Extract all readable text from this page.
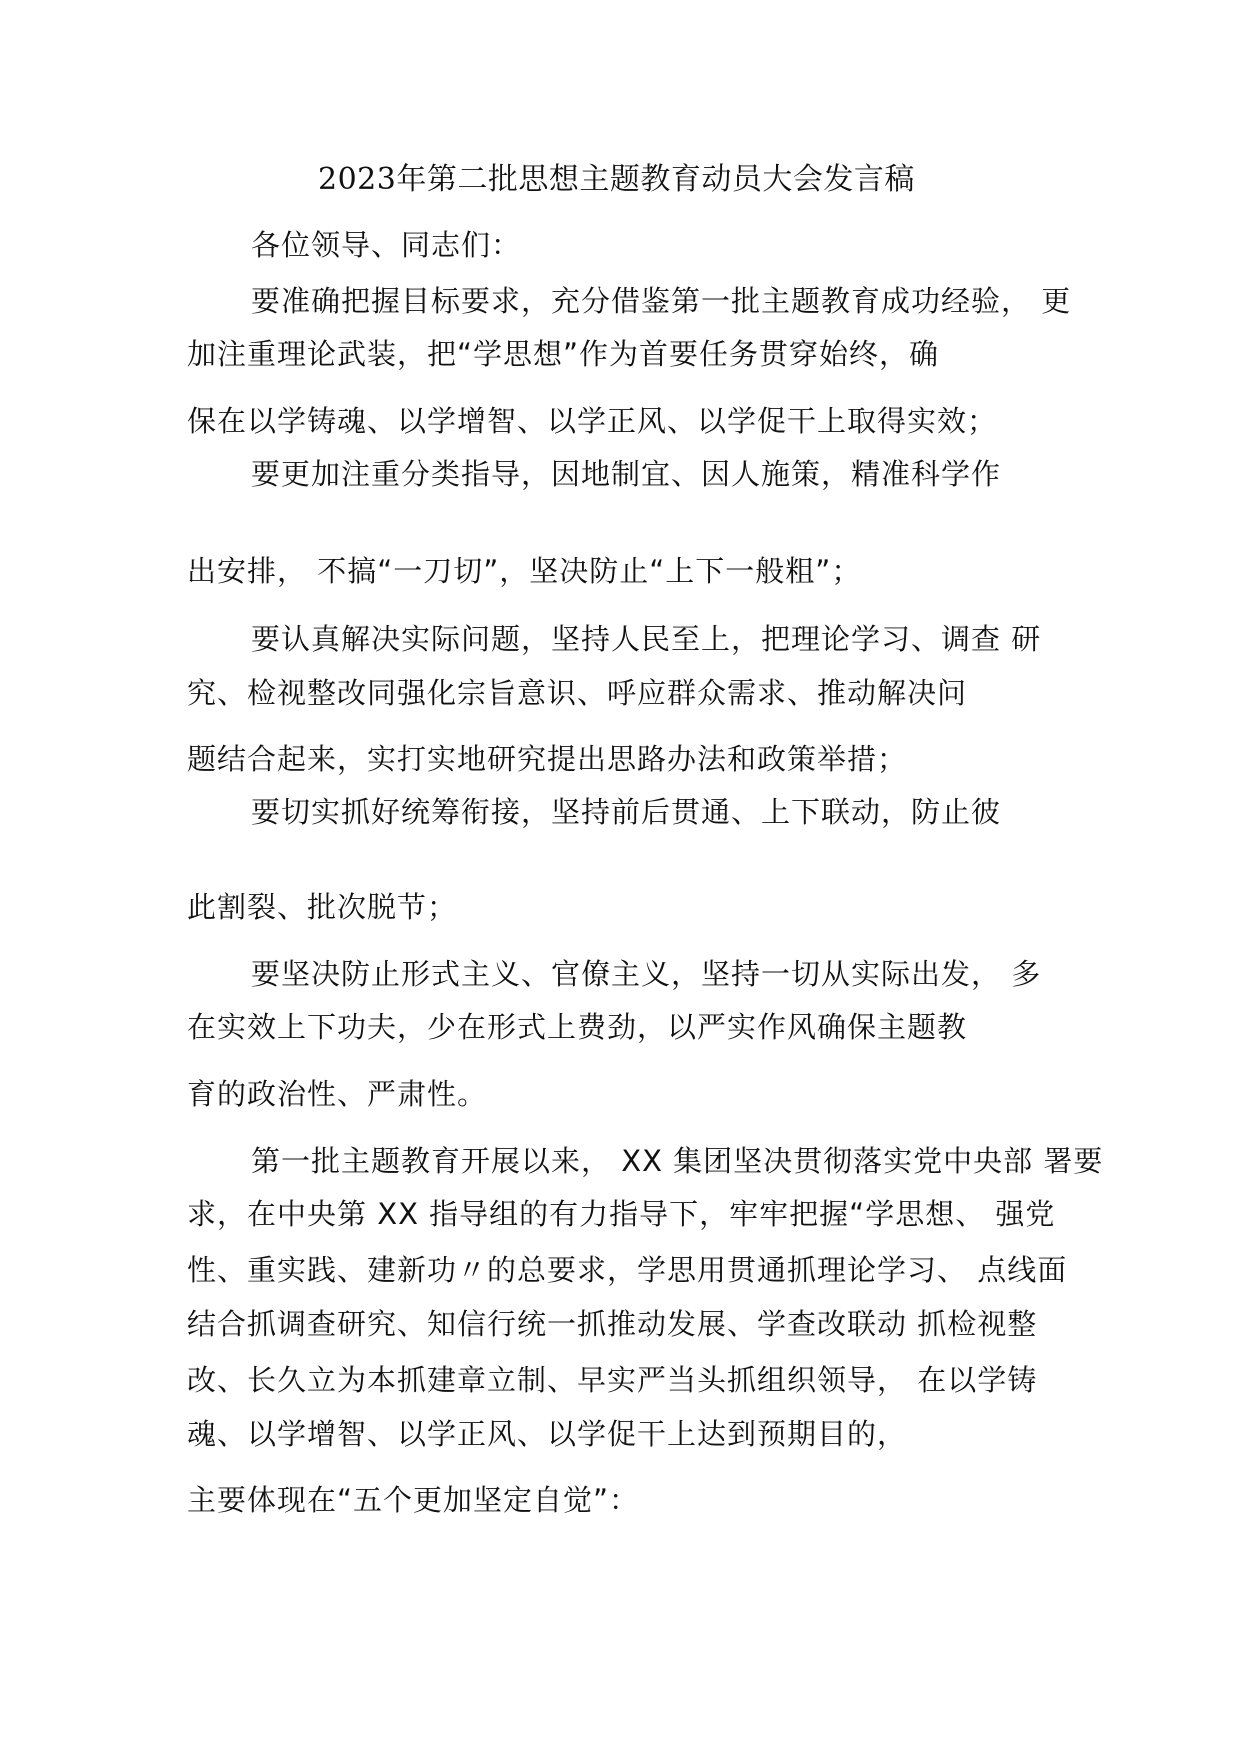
2023年第二批思想主题教育动员大会发言稿
各位领导、同志们：
要准确把握目标要求，充分借鉴第一批主题教育成功经验， 更
加注重理论武装，把“学思想”作为首要任务贯穿始终，确
保在以学铸魂、以学增智、以学正风、以学促干上取得实效；
要更加注重分类指导，因地制宜、因人施策，精准科学作
出安排， 不搞“一刀切”，坚决防止“上下一般粗”；
要认真解决实际问题，坚持人民至上，把理论学习、调查 研
究、检视整改同强化宗旨意识、呼应群众需求、推动解决问
题结合起来，实打实地研究提出思路办法和政策举措；
要切实抓好统筹衔接，坚持前后贯通、上下联动，防止彼
此割裂、批次脱节；
要坚决防止形式主义、官僚主义，坚持一切从实际出发， 多
在实效上下功夫，少在形式上费劲，以严实作风确保主题教
育的政治性、严肃性。
第一批主题教育开展以来， XX 集团坚决贯彻落实党中央部 署要
求，在中央第 XX 指导组的有力指导下，牢牢把握“学思想、 强党
性、重实践、建新功〃的总要求，学思用贯通抓理论学习、 点线面
结合抓调查研究、知信行统一抓推动发展、学查改联动 抓检视整
改、长久立为本抓建章立制、早实严当头抓组织领导， 在以学铸
魂、以学增智、以学正风、以学促干上达到预期目的，
主要体现在“五个更加坚定自觉”：
